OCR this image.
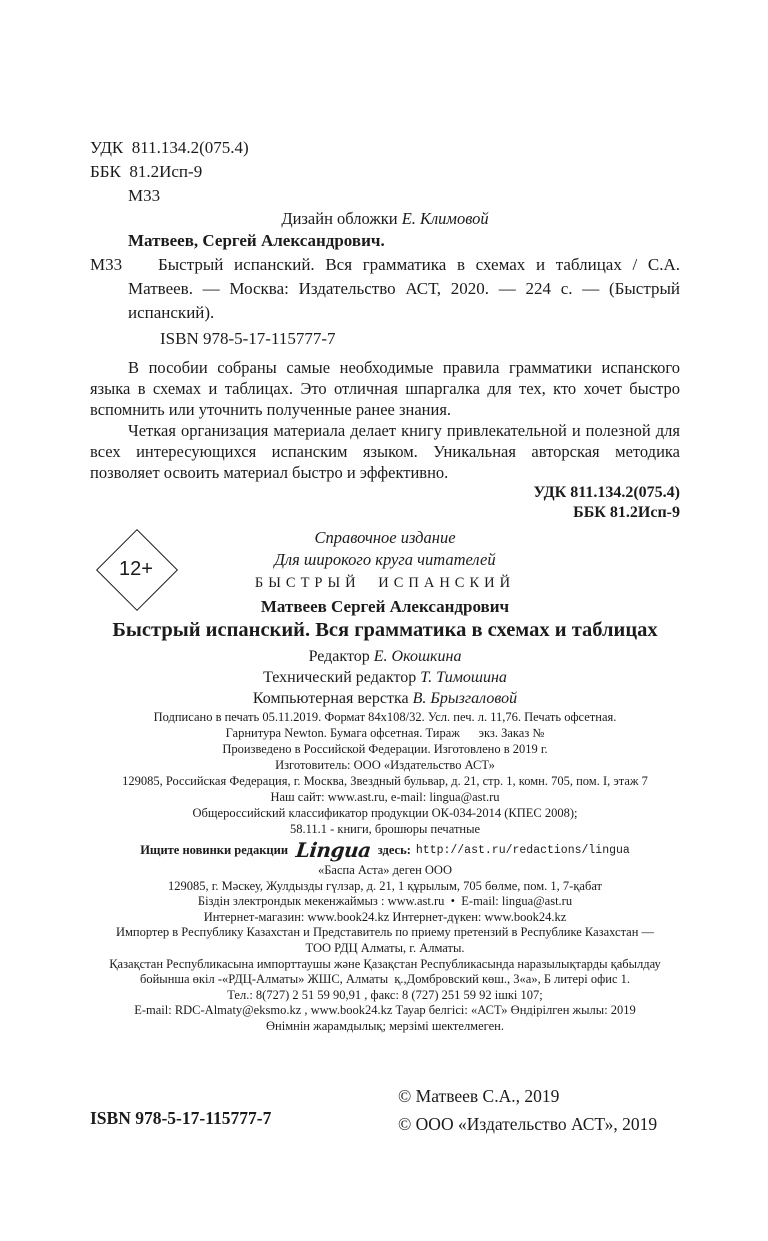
УДК  811.134.2(075.4)
ББК  81.2Исп-9
М33
Дизайн обложки Е. Климовой
Матвеев, Сергей Александрович.
М33	Быстрый испанский. Вся грамматика в схемах и таблицах / С.А. Матвеев. — Москва: Издательство АСТ, 2020. — 224 с. — (Быстрый испанский).

ISBN 978-5-17-115777-7

В пособии собраны самые необходимые правила грамматики испанского языка в схемах и таблицах. Это отличная шпаргалка для тех, кто хочет быстро вспомнить или уточнить полученные ранее знания.

Четкая организация материала делает книгу привлекательной и полезной для всех интересующихся испанским языком. Уникальная авторская методика позволяет освоить материал быстро и эффективно.

УДК 811.134.2(075.4)
ББК 81.2Исп-9
Справочное издание
Для широкого круга читателей
БЫСТРЫЙ ИСПАНСКИЙ
Матвеев Сергей Александрович
Быстрый испанский. Вся грамматика в схемах и таблицах
Редактор Е. Окошкина
Технический редактор Т. Тимошина
Компьютерная верстка В. Брызгаловой
Подписано в печать 05.11.2019. Формат 84х108/32. Усл. печ. л. 11,76. Печать офсетная.
Гарнитура Newton. Бумага офсетная. Тираж      экз. Заказ №
Произведено в Российской Федерации. Изготовлено в 2019 г.
Изготовитель: ООО «Издательство АСТ»
129085, Российская Федерация, г. Москва, Звездный бульвар, д. 21, стр. 1, комн. 705, пом. I, этаж 7
Наш сайт: www.ast.ru, e-mail: lingua@ast.ru
Общероссийский классификатор продукции ОК-034-2014 (КПЕС 2008);
58.11.1 - книги, брошюры печатные
Ищите новинки редакции Lingua здесь: http://ast.ru/redactions/lingua
«Баспа Аста» деген ООО
129085, г. Мәскеу, Жулдызды гүлзар, д. 21, 1 құрылым, 705 бөлме, пом. 1, 7-қабат
Біздін злектрондык мекенжаймыз : www.ast.ru  •  E-mail: lingua@ast.ru
Интернет-магазин: www.book24.kz Интернет-дүкен: www.book24.kz
Импортер в Республику Казахстан и Представитель по приему претензий в Республике Казахстан —
ТОО РДЦ Алматы, г. Алматы.
Қазақстан Республикасына импорттаушы және Қазақстан Республикасында наразылықтарды қабылдау
бойынша өкіл -«РДЦ-Алматы» ЖШС, Алматы  қ.,Домбровский көш., 3«а», Б литері офис 1.
Тел.: 8(727) 2 51 59 90,91 , факс: 8 (727) 251 59 92 ішкі 107;
E-mail: RDC-Almaty@eksmo.kz , www.book24.kz Тауар белгісі: «АСТ» Өндірілген жылы: 2019
Өнімнін жарамдылық; мерзімі шектелмеген.
12+
© Матвеев С.А., 2019
© ООО «Издательство АСТ», 2019
ISBN 978-5-17-115777-7
